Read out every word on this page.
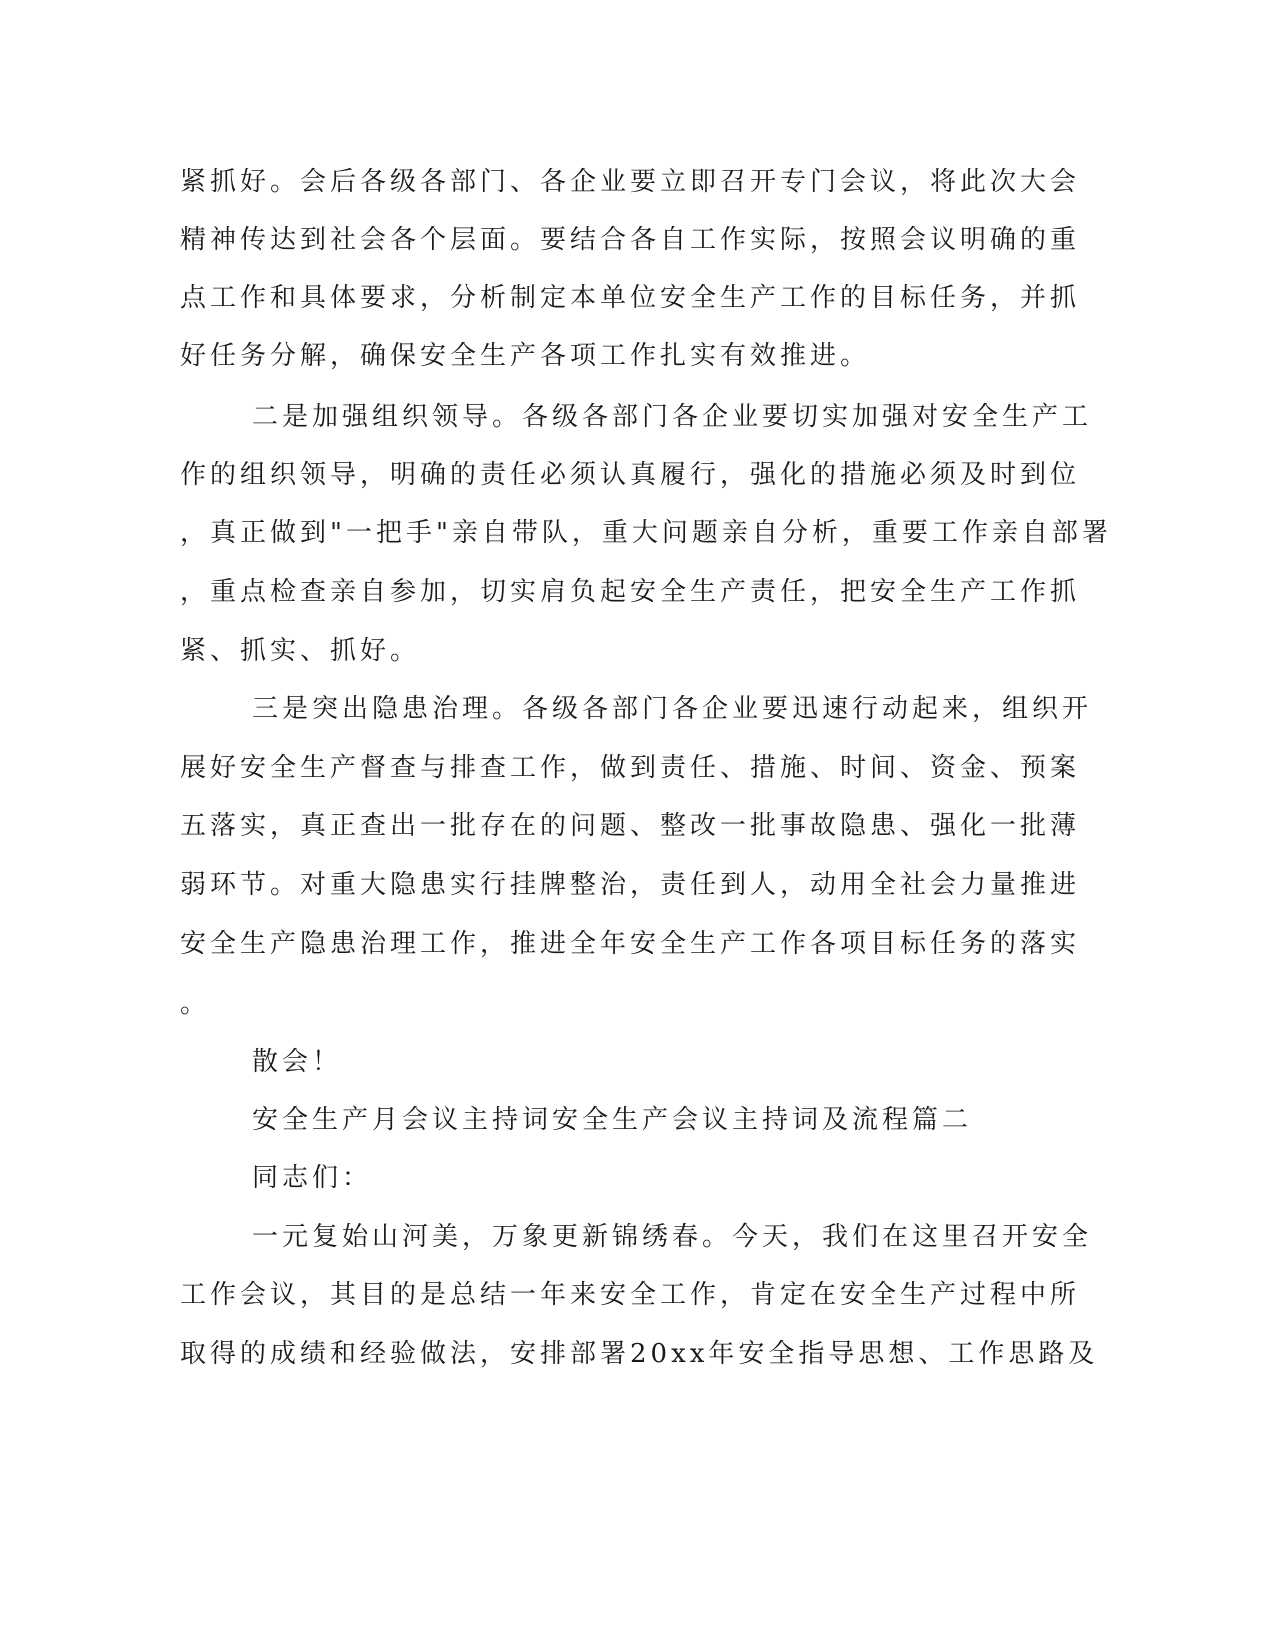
紧抓好。会后各级各部门、各企业要立即召开专门会议，将此次大会

精神传达到社会各个层面。要结合各自工作实际，按照会议明确的重

点工作和具体要求，分析制定本单位安全生产工作的目标任务，并抓

好任务分解，确保安全生产各项工作扎实有效推进。

二是加强组织领导。各级各部门各企业要切实加强对安全生产工

作的组织领导，明确的责任必须认真履行，强化的措施必须及时到位

，真正做到"一把手"亲自带队，重大问题亲自分析，重要工作亲自部署

，重点检查亲自参加，切实肩负起安全生产责任，把安全生产工作抓

紧、抓实、抓好。

三是突出隐患治理。各级各部门各企业要迅速行动起来，组织开

展好安全生产督查与排查工作，做到责任、措施、时间、资金、预案

五落实，真正查出一批存在的问题、整改一批事故隐患、强化一批薄

弱环节。对重大隐患实行挂牌整治，责任到人，动用全社会力量推进

安全生产隐患治理工作，推进全年安全生产工作各项目标任务的落实

。

散会！

安全生产月会议主持词安全生产会议主持词及流程篇二

同志们：

一元复始山河美，万象更新锦绣春。今天，我们在这里召开安全

工作会议，其目的是总结一年来安全工作，肯定在安全生产过程中所

取得的成绩和经验做法，安排部署20xx年安全指导思想、工作思路及
